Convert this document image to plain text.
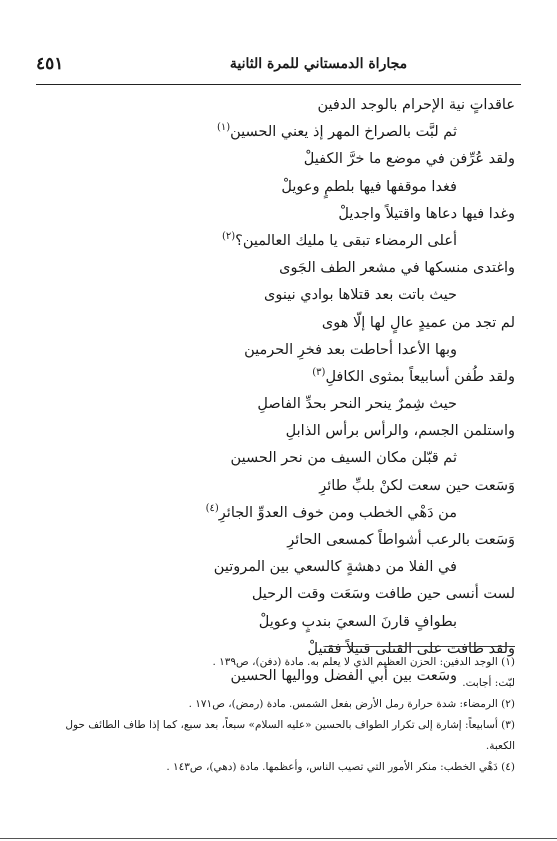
٤٥١	مجاراة الدمستاني للمرة الثانية
عاقداتٍ نية الإحرام بالوجد الدفين
ثم لبَّت بالصراخ المهر إذ يعني الحسين$^{(١)}$
ولقد عُرِّفن في موضع ما خرَّ الكفيلْ
فغدا موقفها فيها بلطمٍ وعويلْ
وغدا فيها دعاها واقتيلاً واجديلْ
أعلى الرمضاء تبقى يا مليك العالمين؟$^{(٢)}$
واغتدى منسكها في مشعر الطف الجَوى
حيث باتت بعد قتلاها بوادي نينوى
لم تجد من عميدٍ عالٍ لها إلّا هوى
وبها الأعدا أحاطت بعد فخرِ الحرمين
ولقد طُفن أسابيعاً بمثوى الكافلِ$^{(٣)}$
حيث شِمرٌ ينحر النحر بحدِّ الفاصلِ
واستلمن الجسم، والرأس برأس الذابلِ
ثم قبّلن مكان السيف من نحر الحسين
وَسَعت حين سعت لكنْ بلبِّ طائرِ
من دَهْي الخطب ومن خوف العدوِّ الجائرِ$^{(٤)}$
وَسَعت بالرعب أشواطاً كمسعى الحائرِ
في الفلا من دهشةٍ كالسعي بين المروتين
لست أنسى حين طافت وسَعَت وقت الرحيل
بطوافٍ قارنَ السعيَ بندبٍ وعويلْ
ولقد طافت على القتلى قتيلاً فقتيلْ
وسَعت بين أبي الفضل وواليها الحسين
(١) الوجد الدفين: الحزن العظيم الذي لا يعلم به. مادة (دفن)، ص١٣٩ .
لبّت: أجابت.
(٢) الرمضاء: شدة حرارة رمل الأرض بفعل الشمس. مادة (رمض)، ص١٧١ .
(٣) أسابيعاً: إشارة إلى تكرار الطواف بالحسين «عليه السلام» سبعاً، بعد سبع، كما إذا طاف الطائف حول
الكعبة.
(٤) دَهْي الخطب: منكر الأمور التي تصيب الناس، وأعظمها. مادة (دهي)، ص١٤٣ .
